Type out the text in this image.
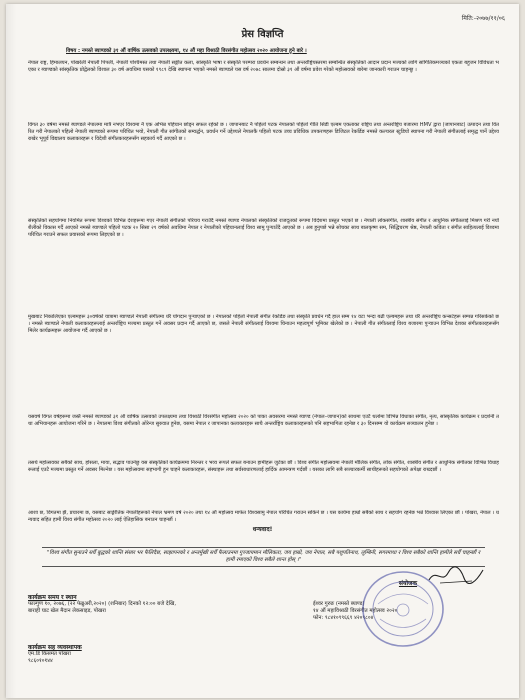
मिति:-२०७७/११/०६
प्रेस विज्ञप्ति
विषय : नमस्ते ब्याण्डको ३१ औं वार्षिक उत्सवको उपलक्ष्यमा, १४ औं महा विश्राठी विरसंगीत महोत्सव २०२० आयोजना हुने बारे ।
नेपाल राष्ट्र, हिमालयन, पोखरेली नेपाली पिपली, नेपाली पश्चिमस्त तथा नेपाली सङ्गीत कला, सांस्कृति भाषा र संस्कृति परम्परा प्रवर्धन सम्बन्धन तथा अन्तर्राष्ट्रियस्तरमा सम्बन्धित संस्कृतिको आदान प्रदान मञ्चको लागि सांगितिकमञ्चको एकता बहुजन विविधता भएका र ब्याण्डको सांस्कृतिक प्रोद्वेलको विशाल ३० वर्ष अवधिमा यसको १९८९ देखि स्थापना भएको नमस्ते ब्याण्डले यस वर्ष २०७८ सालमा दोस्रो ३१ औं वर्षमा प्रवेश गरेको महोत्सवको बारेमा जानकारी गराउन चाहन्छु ।
विगत ३० वर्षमा नमस्ते ब्याण्डले नेपालमा मात्रै नभएर विश्वमा नै एक अभिन्न पहिचान छोड्न सफल रहेको छ । जापानबाट नै पहिलो पटक नेपालको पहिलो गीति सिडी एल्बम एकताका राष्ट्रिय तथा अन्तर्राष्ट्रिय बजारमा HMV द्वारा (जापानबाट) उत्पादन तथा वितरित गरी नेपालको पहिलो नेपाली ब्याण्डको रूपमा परिचित भयो, नेपाली गीत सांगीतको सम्वर्द्धन, प्रवर्धन गर्ने उद्देश्यले नेपालकै पहिलो पटक उच्च प्रविधिक उपकरणहरू डिजिटल रेकर्डिङ नमस्ते कल्चरल स्टुडियो स्थापना गरी नेपाली संगीतलाई समृद्ध पार्ने उद्देश्य राखेर भूपूर्व विद्यालय कलाकारहरू र विदेशी संगीतकारहरूसँग सहकार्य गर्दै आएको छ ।
संस्कृतिको सहयोगमा नियमित रूपमा विश्वको विभिन्न देशहरूमा गएर नेपाली संगीतको परिचय गराउँदै नमस्ते ब्याण्ड नेपालको संस्कृतिको राजदूतको रूपमा विदेशमा प्रस्तुत भएको छ । नेपाली लोकसंगीत, शास्त्रीय संगीत र आधुनिक संगीतलाई मिश्रण गरी नयाँ शैलीको विकास गर्दै आएको नमस्ते ब्याण्डले पहिलो पटक २० सिसा २९ वर्षको अवधिमा नेपाल र नेपालीको पहिचानलाई विश्व सामु पुर्‍याउँदै आएको छ । अब हुनुपर्छ भन्ने सोचका साथ बालकृष्ण सम, सिद्धिचरण श्रेष्ठ, नेपाली कविता र संगीत साहित्यलाई विश्वमा परिचित गराउने सफल प्रयासको रूपमा लिइएको छ ।
मुखबाट निकालिएका एल्बमहरू ३०वर्षको यात्रामा ब्याण्डले नेपाली संगीतमा धेरै योगदान पुर्‍याएको छ । नेपालको पहिलो नेपाली संगीत रेकर्डिङ तथा संस्कृति प्रवर्धन गर्दै हाल सम्म १४ वटा भन्दा बढी एल्बमहरू तथा धेरै अन्तर्राष्ट्रिय कन्सर्टहरू सम्पन्न गरिसकेको छ । नमस्ते ब्याण्डले नेपाली कलाकारहरूलाई अन्तर्राष्ट्रिय मञ्चमा प्रस्तुत गर्ने अवसर प्रदान गर्दै आएको छ, जसले नेपाली संगीतलाई विश्वमा चिनाउन महत्वपूर्ण भूमिका खेलेको छ । नेपाली गीत संगीतलाई विश्व बजारमा पुर्‍याउन विभिन्न देशका संगीतकारहरूसँग मिलेर कार्यक्रमहरू आयोजना गर्दै आएको छ ।
यसवर्ष विगत वर्षहरूमा जस्तै नमस्ते ब्याण्डको ३१ औं वार्षिक उत्सवको उपलक्ष्यमा तथा विश्राठी विरसंगीत महोत्सव २०२० को पाका अवसरमा नमस्ते ब्याण्ड (नेपाल–जापान)को साथमा एउटै थलोमा विभिन्न विधाका संगीत, नृत्य, सांस्कृतिक कार्यक्रम र प्रदर्शनी तथा अभियानहरू आयोजना गरिने छ । नेपालमा विश्व संगीतको ओरेन्ज सुरुवात हुनेछ, यसमा नेपाल र जापानका कलाकारहरू साथै अन्तर्राष्ट्रिय कलाकारहरूको पनि सहभागिता रहनेछ र ३० दिनसम्म यो कार्यक्रम सञ्चालन हुनेछ ।
तसर्थ महोत्सवका सबैको साथ, होसला, माया, सद्भाव पाउनेछु यस संस्कृतिको कार्यक्रममा निरन्तर र भव्य रूपले सफल बनाउन हामीहरू जुटेका छौं । विश्व संगीत महोत्सवमा नेपाली मौलिक संगीत, लोक संगीत, शास्त्रीय संगीत र आधुनिक संगीतका विभिन्न विधाहरूलाई एउटै मञ्चमा प्रस्तुत गर्ने अवसर मिल्नेछ । यस महोत्सवमा सहभागी हुन चाहने कलाकारहरू, संस्थाहरू तथा सर्वसाधारणलाई हार्दिक आमन्त्रण गर्दछौं । यसका लागि सबै सञ्चारकर्मी साथीहरूको सहयोगको अपेक्षा राख्दछौं ।
आशा छ, विगतमा झैं, प्रचारमा छ, यसबाट साङ्गीतिक नेपालीहरूको नेपाल भ्रमण वर्ष २०२० तथा १४ औं महोत्सव मार्फत विश्वसामु नेपाल परिचित गराउन सकिने छ । यस कार्यमा हाम्रो सबैको साथ र सहयोग रहनेछ भन्ने विश्वास लिएका छौं । पोखरा, नेपाल । धन्यवाद सहित हामी विश्व संगीत महोत्सव २०२० लाई ऐतिहासिक बनाउन चाहन्छौं ।
धन्यवाद!
"विश्व संगीत सुनाउने सधैँ बुद्धको शान्ति संसार भर फैलिदैछ, साझापनको र अन्तर्मुखी सधैँ फैलाउनमा गुञ्जायमान मौलिकता, जय हाम्रो, जय नेपाल, सबै पशुपतिनाथ, लुम्बिनी, सगरमाथा र विश्व सबैको शान्ति हामीले सधैँ चाहन्छौं र हामी रमाएको विश्व सबैले शान्त होस् ।"
कार्यक्रम समय र स्थान
फाल्गुण १०, २०७६, (२२ फेब्रुअरी,२०२०) (शनिबार) दिनको १२:०० बजे देखि,
बाराही घाट खेल मैदान लेकसाइड, पोखरा
संयोजक
ईश्वर गुरुङ (नमस्ते ब्याण्ड)
१४ औं महाविश्राठी विरसंगीत महोत्सव २०२०
फोन: ९८४१०९९६६९ ४२०९८०४
कार्यक्रम सह व्यवस्थापक
एम.डि किसमत पोखरा
९८६०१०१४४
